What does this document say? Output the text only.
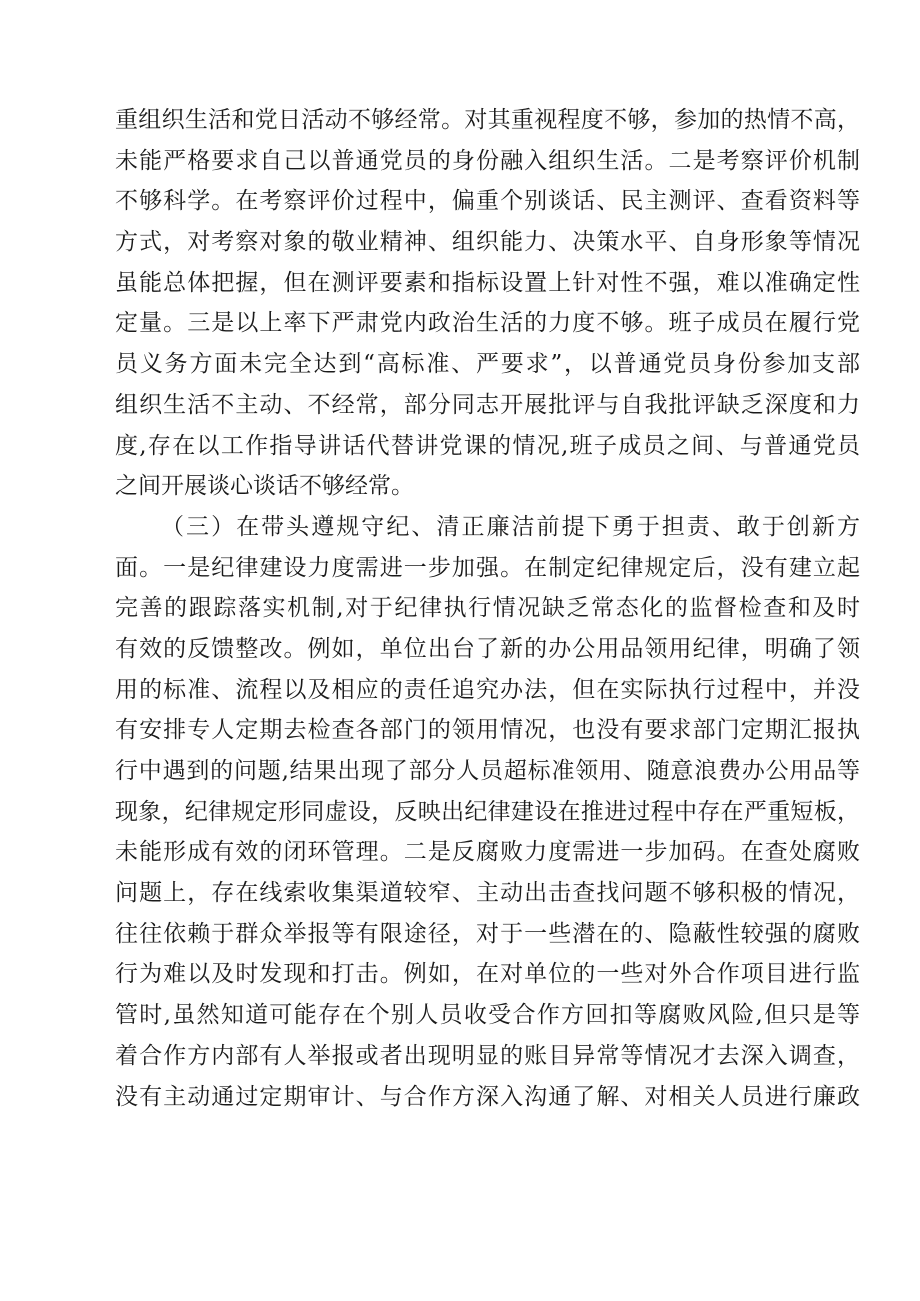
重组织生活和党日活动不够经常。对其重视程度不够，参加的热情不高，
未能严格要求自己以普通党员的身份融入组织生活。二是考察评价机制
不够科学。在考察评价过程中，偏重个别谈话、民主测评、查看资料等
方式，对考察对象的敬业精神、组织能力、决策水平、自身形象等情况
虽能总体把握，但在测评要素和指标设置上针对性不强，难以准确定性
定量。三是以上率下严肃党内政治生活的力度不够。班子成员在履行党
员义务方面未完全达到“高标准、严要求”，以普通党员身份参加支部
组织生活不主动、不经常，部分同志开展批评与自我批评缺乏深度和力
度,存在以工作指导讲话代替讲党课的情况,班子成员之间、与普通党员
之间开展谈心谈话不够经常。
（三）在带头遵规守纪、清正廉洁前提下勇于担责、敢于创新方
面。一是纪律建设力度需进一步加强。在制定纪律规定后，没有建立起
完善的跟踪落实机制,对于纪律执行情况缺乏常态化的监督检查和及时
有效的反馈整改。例如，单位出台了新的办公用品领用纪律，明确了领
用的标准、流程以及相应的责任追究办法，但在实际执行过程中，并没
有安排专人定期去检查各部门的领用情况，也没有要求部门定期汇报执
行中遇到的问题,结果出现了部分人员超标准领用、随意浪费办公用品等
现象，纪律规定形同虚设，反映出纪律建设在推进过程中存在严重短板，
未能形成有效的闭环管理。二是反腐败力度需进一步加码。在查处腐败
问题上，存在线索收集渠道较窄、主动出击查找问题不够积极的情况，
往往依赖于群众举报等有限途径，对于一些潜在的、隐蔽性较强的腐败
行为难以及时发现和打击。例如，在对单位的一些对外合作项目进行监
管时,虽然知道可能存在个别人员收受合作方回扣等腐败风险,但只是等
着合作方内部有人举报或者出现明显的账目异常等情况才去深入调查，
没有主动通过定期审计、与合作方深入沟通了解、对相关人员进行廉政
